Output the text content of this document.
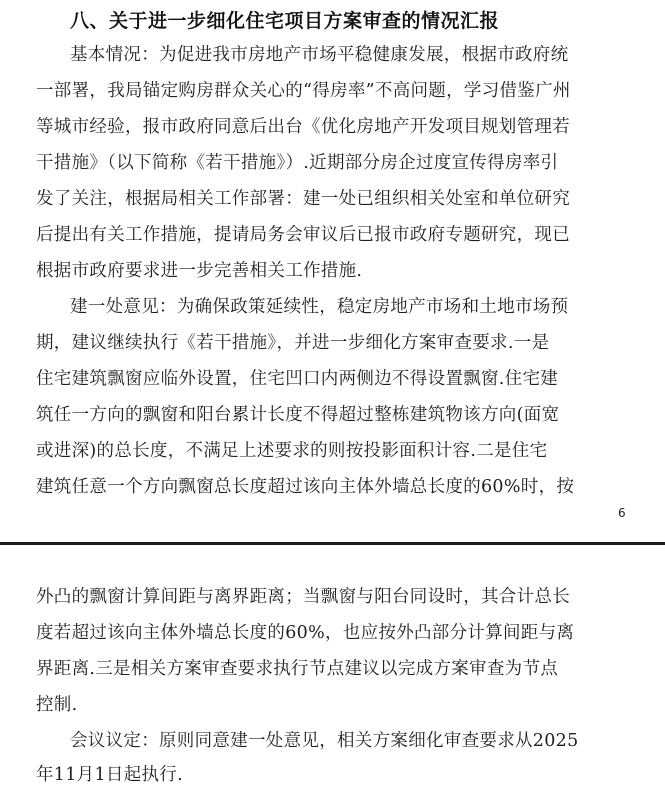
八、关于进一步细化住宅项目方案审查的情况汇报
基本情况：为促进我市房地产市场平稳健康发展，根据市政府统
一部署，我局锚定购房群众关心的“得房率”不高问题，学习借鉴广州
等城市经验，报市政府同意后出台《优化房地产开发项目规划管理若
干措施》（以下简称《若干措施》）.近期部分房企过度宣传得房率引
发了关注，根据局相关工作部署：建一处已组织相关处室和单位研究
后提出有关工作措施，提请局务会审议后已报市政府专题研究，现已
根据市政府要求进一步完善相关工作措施.
建一处意见：为确保政策延续性，稳定房地产市场和土地市场预
期，建议继续执行《若干措施》，并进一步细化方案审查要求.一是
住宅建筑飘窗应临外设置，住宅凹口内两侧边不得设置飘窗.住宅建
筑任一方向的飘窗和阳台累计长度不得超过整栋建筑物该方向(面宽
或进深)的总长度，不满足上述要求的则按投影面积计容.二是住宅
建筑任意一个方向飘窗总长度超过该向主体外墙总长度的60%时，按
6
外凸的飘窗计算间距与离界距离；当飘窗与阳台同设时，其合计总长
度若超过该向主体外墙总长度的60%，也应按外凸部分计算间距与离
界距离.三是相关方案审查要求执行节点建议以完成方案审查为节点
控制.
会议议定：原则同意建一处意见，相关方案细化审查要求从2025
年11月1日起执行.
